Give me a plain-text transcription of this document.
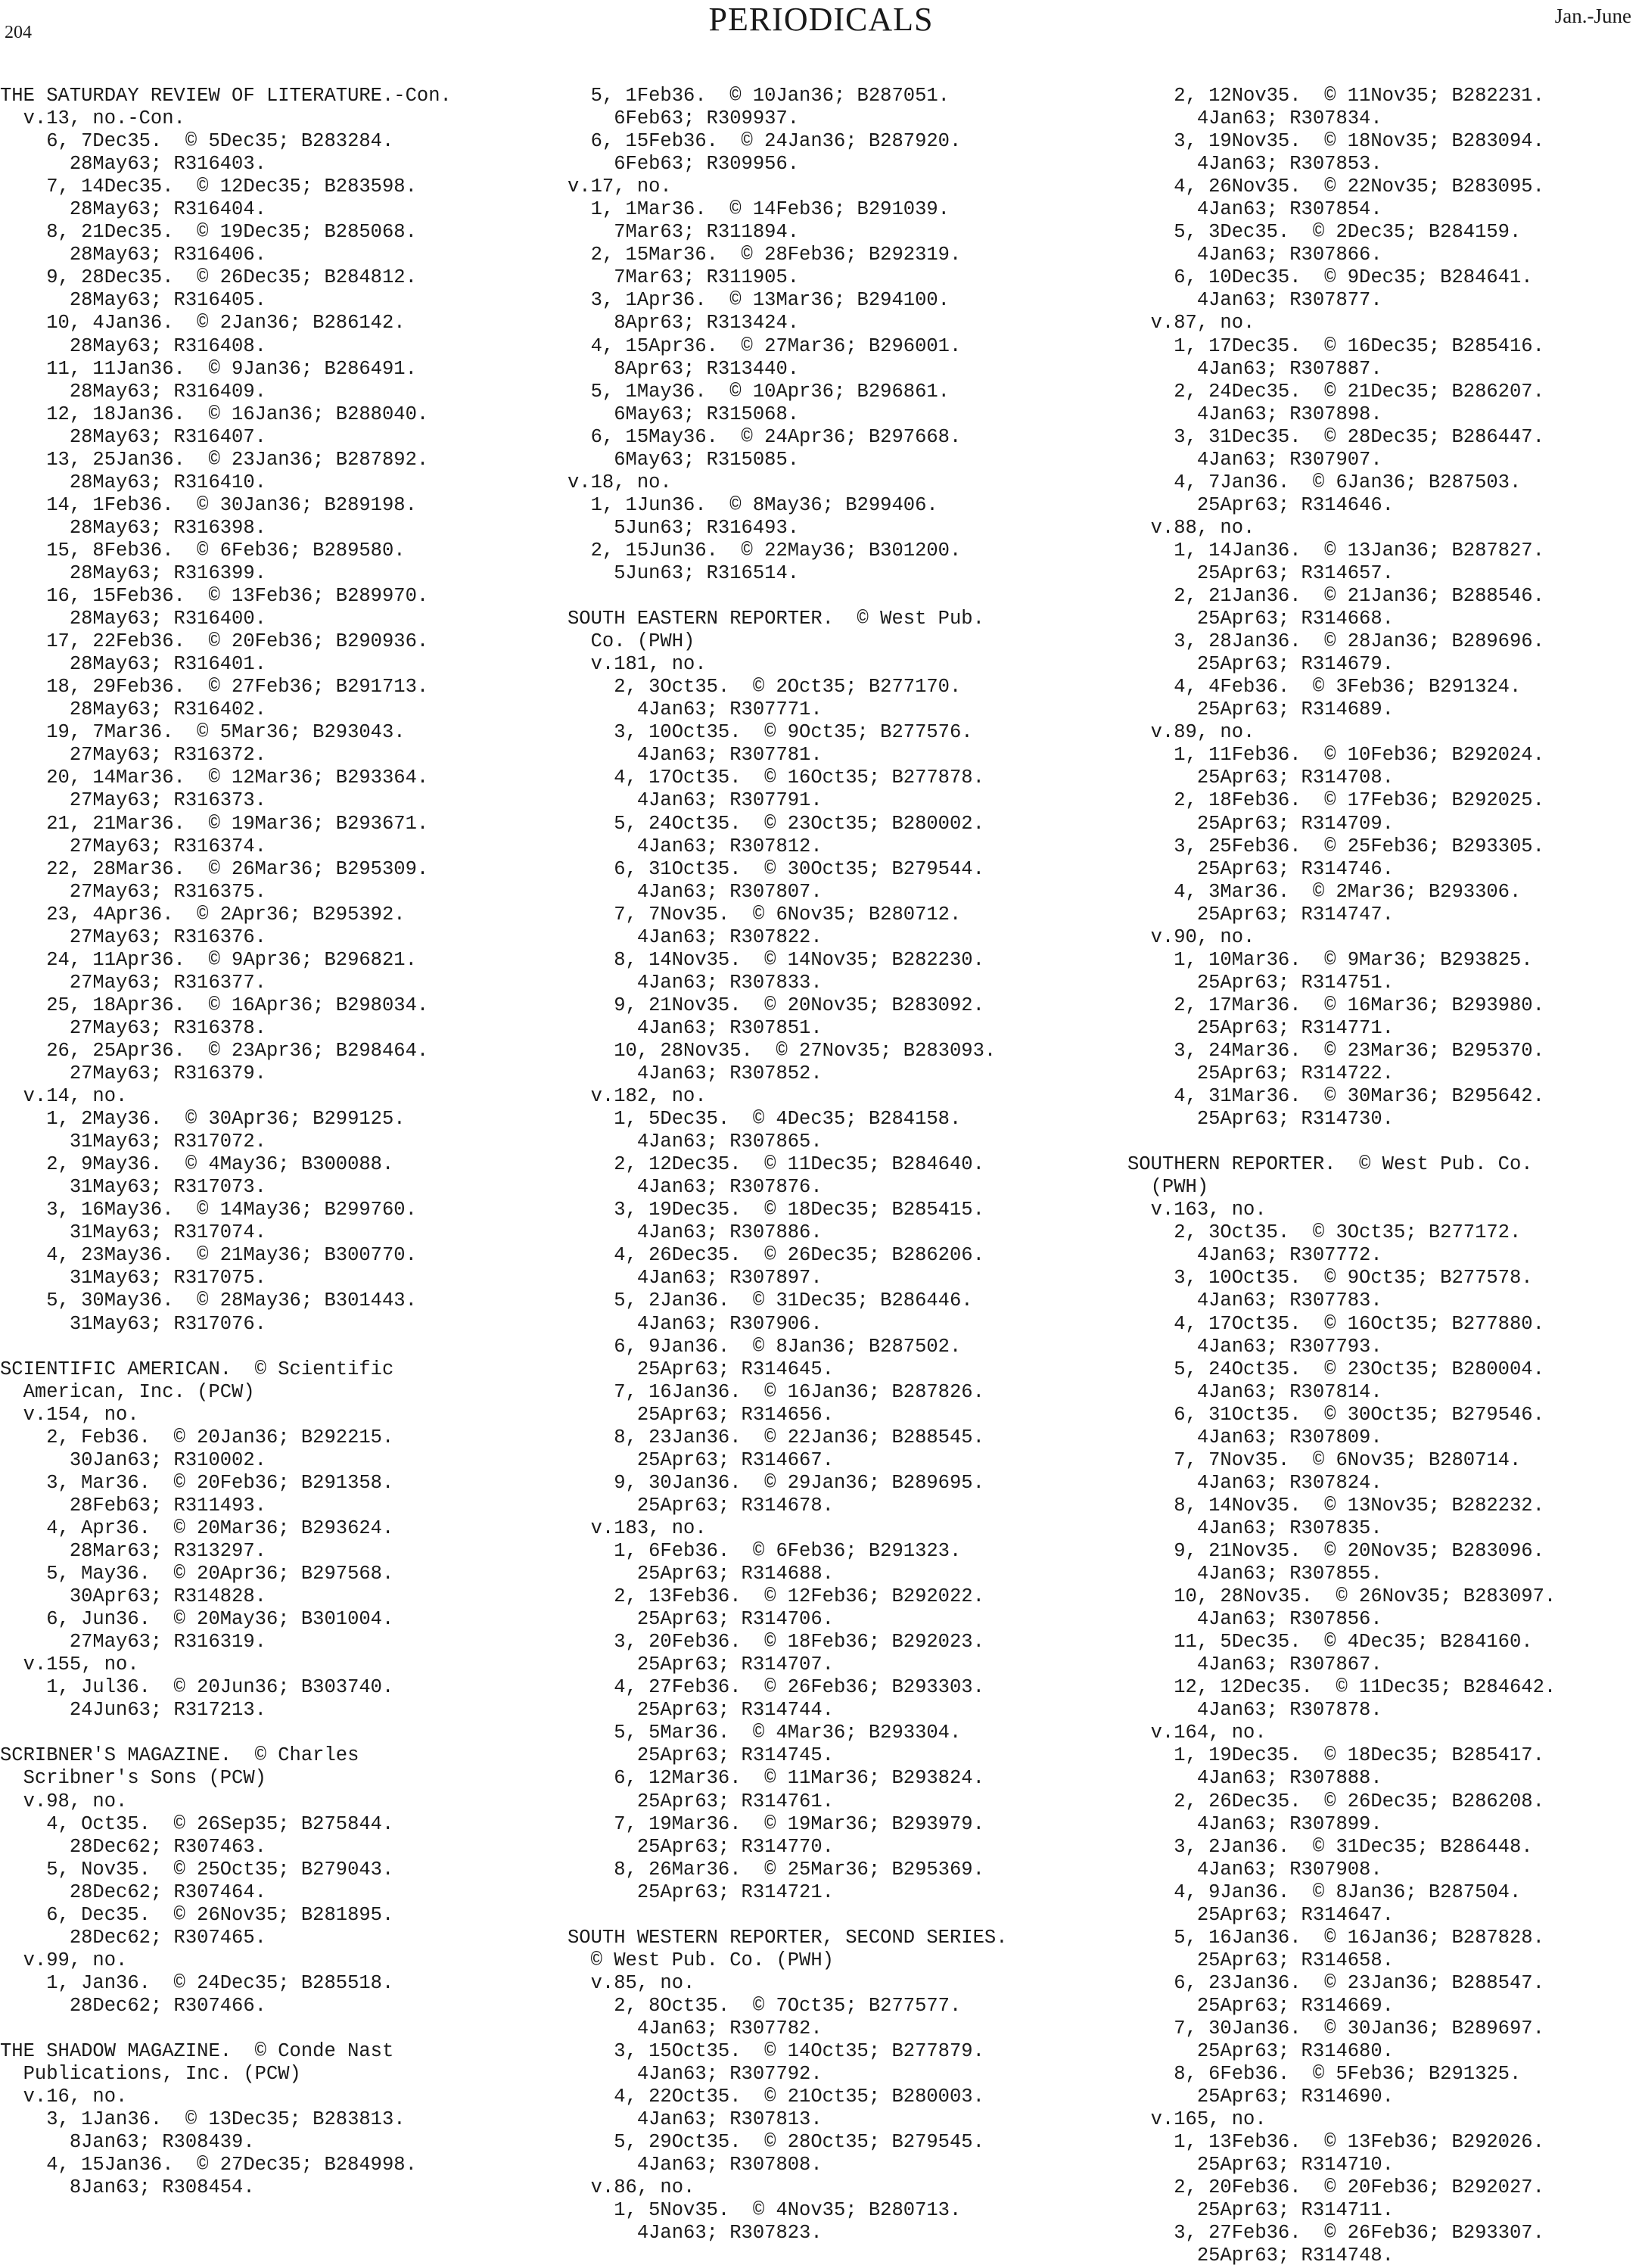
204	PERIODICALS	Jan.-June
THE SATURDAY REVIEW OF LITERATURE.-Con.
v.13, no.-Con.
6, 7Dec35.  © 5Dec35; B283284.
28May63; R316403.
7, 14Dec35.  © 12Dec35; B283598.
28May63; R316404.
8, 21Dec35.  © 19Dec35; B285068.
28May63; R316406.
9, 28Dec35.  © 26Dec35; B284812.
28May63; R316405.
10, 4Jan36.  © 2Jan36; B286142.
28May63; R316408.
11, 11Jan36.  © 9Jan36; B286491.
28May63; R316409.
12, 18Jan36.  © 16Jan36; B288040.
28May63; R316407.
13, 25Jan36.  © 23Jan36; B287892.
28May63; R316410.
14, 1Feb36.  © 30Jan36; B289198.
28May63; R316398.
15, 8Feb36.  © 6Feb36; B289580.
28May63; R316399.
16, 15Feb36.  © 13Feb36; B289970.
28May63; R316400.
17, 22Feb36.  © 20Feb36; B290936.
28May63; R316401.
18, 29Feb36.  © 27Feb36; B291713.
28May63; R316402.
19, 7Mar36.  © 5Mar36; B293043.
27May63; R316372.
20, 14Mar36.  © 12Mar36; B293364.
27May63; R316373.
21, 21Mar36.  © 19Mar36; B293671.
27May63; R316374.
22, 28Mar36.  © 26Mar36; B295309.
27May63; R316375.
23, 4Apr36.  © 2Apr36; B295392.
27May63; R316376.
24, 11Apr36.  © 9Apr36; B296821.
27May63; R316377.
25, 18Apr36.  © 16Apr36; B298034.
27May63; R316378.
26, 25Apr36.  © 23Apr36; B298464.
27May63; R316379.
v.14, no.
1, 2May36.  © 30Apr36; B299125.
31May63; R317072.
2, 9May36.  © 4May36; B300088.
31May63; R317073.
3, 16May36.  © 14May36; B299760.
31May63; R317074.
4, 23May36.  © 21May36; B300770.
31May63; R317075.
5, 30May36.  © 28May36; B301443.
31May63; R317076.
SCIENTIFIC AMERICAN.  © Scientific
American, Inc. (PCW)
v.154, no.
2, Feb36.  © 20Jan36; B292215.
30Jan63; R310002.
3, Mar36.  © 20Feb36; B291358.
28Feb63; R311493.
4, Apr36.  © 20Mar36; B293624.
28Mar63; R313297.
5, May36.  © 20Apr36; B297568.
30Apr63; R314828.
6, Jun36.  © 20May36; B301004.
27May63; R316319.
v.155, no.
1, Jul36.  © 20Jun36; B303740.
24Jun63; R317213.
SCRIBNER'S MAGAZINE.  © Charles
Scribner's Sons (PCW)
v.98, no.
4, Oct35.  © 26Sep35; B275844.
28Dec62; R307463.
5, Nov35.  © 25Oct35; B279043.
28Dec62; R307464.
6, Dec35.  © 26Nov35; B281895.
28Dec62; R307465.
v.99, no.
1, Jan36.  © 24Dec35; B285518.
28Dec62; R307466.
THE SHADOW MAGAZINE.  © Conde Nast
Publications, Inc. (PCW)
v.16, no.
3, 1Jan36.  © 13Dec35; B283813.
8Jan63; R308439.
4, 15Jan36.  © 27Dec35; B284998.
8Jan63; R308454.
5, 1Feb36.  © 10Jan36; B287051.
6Feb63; R309937.
6, 15Feb36.  © 24Jan36; B287920.
6Feb63; R309956.
v.17, no.
1, 1Mar36.  © 14Feb36; B291039.
7Mar63; R311894.
2, 15Mar36.  © 28Feb36; B292319.
7Mar63; R311905.
3, 1Apr36.  © 13Mar36; B294100.
8Apr63; R313424.
4, 15Apr36.  © 27Mar36; B296001.
8Apr63; R313440.
5, 1May36.  © 10Apr36; B296861.
6May63; R315068.
6, 15May36.  © 24Apr36; B297668.
6May63; R315085.
v.18, no.
1, 1Jun36.  © 8May36; B299406.
5Jun63; R316493.
2, 15Jun36.  © 22May36; B301200.
5Jun63; R316514.
SOUTH EASTERN REPORTER.  © West Pub.
Co. (PWH)
v.181, no.
2, 3Oct35.  © 2Oct35; B277170.
4Jan63; R307771.
3, 10Oct35.  © 9Oct35; B277576.
4Jan63; R307781.
4, 17Oct35.  © 16Oct35; B277878.
4Jan63; R307791.
5, 24Oct35.  © 23Oct35; B280002.
4Jan63; R307812.
6, 31Oct35.  © 30Oct35; B279544.
4Jan63; R307807.
7, 7Nov35.  © 6Nov35; B280712.
4Jan63; R307822.
8, 14Nov35.  © 14Nov35; B282230.
4Jan63; R307833.
9, 21Nov35.  © 20Nov35; B283092.
4Jan63; R307851.
10, 28Nov35.  © 27Nov35; B283093.
4Jan63; R307852.
v.182, no.
1, 5Dec35.  © 4Dec35; B284158.
4Jan63; R307865.
2, 12Dec35.  © 11Dec35; B284640.
4Jan63; R307876.
3, 19Dec35.  © 18Dec35; B285415.
4Jan63; R307886.
4, 26Dec35.  © 26Dec35; B286206.
4Jan63; R307897.
5, 2Jan36.  © 31Dec35; B286446.
4Jan63; R307906.
6, 9Jan36.  © 8Jan36; B287502.
25Apr63; R314645.
7, 16Jan36.  © 16Jan36; B287826.
25Apr63; R314656.
8, 23Jan36.  © 22Jan36; B288545.
25Apr63; R314667.
9, 30Jan36.  © 29Jan36; B289695.
25Apr63; R314678.
v.183, no.
1, 6Feb36.  © 6Feb36; B291323.
25Apr63; R314688.
2, 13Feb36.  © 12Feb36; B292022.
25Apr63; R314706.
3, 20Feb36.  © 18Feb36; B292023.
25Apr63; R314707.
4, 27Feb36.  © 26Feb36; B293303.
25Apr63; R314744.
5, 5Mar36.  © 4Mar36; B293304.
25Apr63; R314745.
6, 12Mar36.  © 11Mar36; B293824.
25Apr63; R314761.
7, 19Mar36.  © 19Mar36; B293979.
25Apr63; R314770.
8, 26Mar36.  © 25Mar36; B295369.
25Apr63; R314721.
SOUTH WESTERN REPORTER, SECOND SERIES.
© West Pub. Co. (PWH)
v.85, no.
2, 8Oct35.  © 7Oct35; B277577.
4Jan63; R307782.
3, 15Oct35.  © 14Oct35; B277879.
4Jan63; R307792.
4, 22Oct35.  © 21Oct35; B280003.
4Jan63; R307813.
5, 29Oct35.  © 28Oct35; B279545.
4Jan63; R307808.
v.86, no.
1, 5Nov35.  © 4Nov35; B280713.
4Jan63; R307823.
2, 12Nov35.  © 11Nov35; B282231.
4Jan63; R307834.
3, 19Nov35.  © 18Nov35; B283094.
4Jan63; R307853.
4, 26Nov35.  © 22Nov35; B283095.
4Jan63; R307854.
5, 3Dec35.  © 2Dec35; B284159.
4Jan63; R307866.
6, 10Dec35.  © 9Dec35; B284641.
4Jan63; R307877.
v.87, no.
1, 17Dec35.  © 16Dec35; B285416.
4Jan63; R307887.
2, 24Dec35.  © 21Dec35; B286207.
4Jan63; R307898.
3, 31Dec35.  © 28Dec35; B286447.
4Jan63; R307907.
4, 7Jan36.  © 6Jan36; B287503.
25Apr63; R314646.
v.88, no.
1, 14Jan36.  © 13Jan36; B287827.
25Apr63; R314657.
2, 21Jan36.  © 21Jan36; B288546.
25Apr63; R314668.
3, 28Jan36.  © 28Jan36; B289696.
25Apr63; R314679.
4, 4Feb36.  © 3Feb36; B291324.
25Apr63; R314689.
v.89, no.
1, 11Feb36.  © 10Feb36; B292024.
25Apr63; R314708.
2, 18Feb36.  © 17Feb36; B292025.
25Apr63; R314709.
3, 25Feb36.  © 25Feb36; B293305.
25Apr63; R314746.
4, 3Mar36.  © 2Mar36; B293306.
25Apr63; R314747.
v.90, no.
1, 10Mar36.  © 9Mar36; B293825.
25Apr63; R314751.
2, 17Mar36.  © 16Mar36; B293980.
25Apr63; R314771.
3, 24Mar36.  © 23Mar36; B295370.
25Apr63; R314722.
4, 31Mar36.  © 30Mar36; B295642.
25Apr63; R314730.
SOUTHERN REPORTER.  © West Pub. Co.
(PWH)
v.163, no.
2, 3Oct35.  © 3Oct35; B277172.
4Jan63; R307772.
3, 10Oct35.  © 9Oct35; B277578.
4Jan63; R307783.
4, 17Oct35.  © 16Oct35; B277880.
4Jan63; R307793.
5, 24Oct35.  © 23Oct35; B280004.
4Jan63; R307814.
6, 31Oct35.  © 30Oct35; B279546.
4Jan63; R307809.
7, 7Nov35.  © 6Nov35; B280714.
4Jan63; R307824.
8, 14Nov35.  © 13Nov35; B282232.
4Jan63; R307835.
9, 21Nov35.  © 20Nov35; B283096.
4Jan63; R307855.
10, 28Nov35.  © 26Nov35; B283097.
4Jan63; R307856.
11, 5Dec35.  © 4Dec35; B284160.
4Jan63; R307867.
12, 12Dec35.  © 11Dec35; B284642.
4Jan63; R307878.
v.164, no.
1, 19Dec35.  © 18Dec35; B285417.
4Jan63; R307888.
2, 26Dec35.  © 26Dec35; B286208.
4Jan63; R307899.
3, 2Jan36.  © 31Dec35; B286448.
4Jan63; R307908.
4, 9Jan36.  © 8Jan36; B287504.
25Apr63; R314647.
5, 16Jan36.  © 16Jan36; B287828.
25Apr63; R314658.
6, 23Jan36.  © 23Jan36; B288547.
25Apr63; R314669.
7, 30Jan36.  © 30Jan36; B289697.
25Apr63; R314680.
8, 6Feb36.  © 5Feb36; B291325.
25Apr63; R314690.
v.165, no.
1, 13Feb36.  © 13Feb36; B292026.
25Apr63; R314710.
2, 20Feb36.  © 20Feb36; B292027.
25Apr63; R314711.
3, 27Feb36.  © 26Feb36; B293307.
25Apr63; R314748.
